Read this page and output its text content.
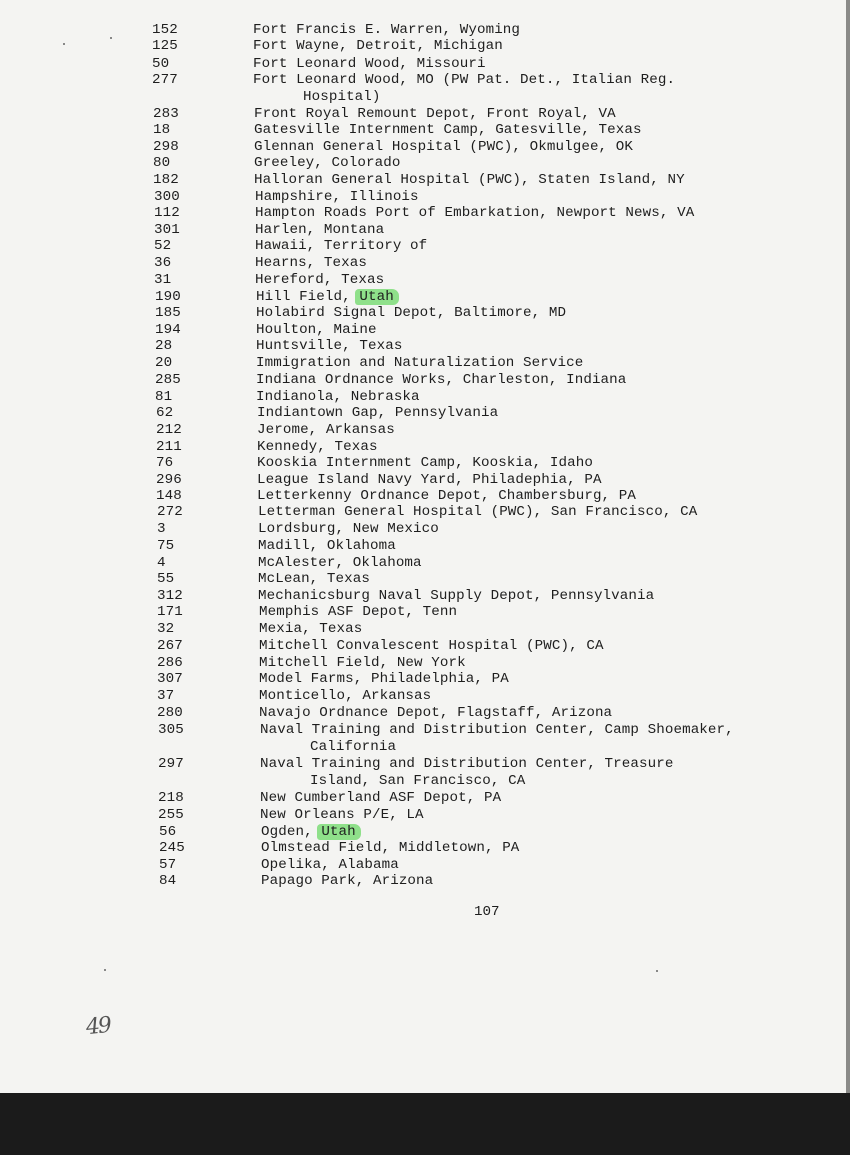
152	Fort Francis E. Warren, Wyoming
125	Fort Wayne, Detroit, Michigan
50	Fort Leonard Wood, Missouri
277	Fort Leonard Wood, MO (PW Pat. Det., Italian Reg.
Hospital)
283	Front Royal Remount Depot, Front Royal, VA
18	Gatesville Internment Camp, Gatesville, Texas
298	Glennan General Hospital (PWC), Okmulgee, OK
80	Greeley, Colorado
182	Halloran General Hospital (PWC), Staten Island, NY
300	Hampshire, Illinois
112	Hampton Roads Port of Embarkation, Newport News, VA
301	Harlen, Montana
52	Hawaii, Territory of
36	Hearns, Texas
31	Hereford, Texas
190	Hill Field, Utah
185	Holabird Signal Depot, Baltimore, MD
194	Houlton, Maine
28	Huntsville, Texas
20	Immigration and Naturalization Service
285	Indiana Ordnance Works, Charleston, Indiana
81	Indianola, Nebraska
62	Indiantown Gap, Pennsylvania
212	Jerome, Arkansas
211	Kennedy, Texas
76	Kooskia Internment Camp, Kooskia, Idaho
296	League Island Navy Yard, Philadephia, PA
148	Letterkenny Ordnance Depot, Chambersburg, PA
272	Letterman General Hospital (PWC), San Francisco, CA
3	Lordsburg, New Mexico
75	Madill, Oklahoma
4	McAlester, Oklahoma
55	McLean, Texas
312	Mechanicsburg Naval Supply Depot, Pennsylvania
171	Memphis ASF Depot, Tenn
32	Mexia, Texas
267	Mitchell Convalescent Hospital (PWC), CA
286	Mitchell Field, New York
307	Model Farms, Philadelphia, PA
37	Monticello, Arkansas
280	Navajo Ordnance Depot, Flagstaff, Arizona
305	Naval Training and Distribution Center, Camp Shoemaker,
California
297	Naval Training and Distribution Center, Treasure
Island, San Francisco, CA
218	New Cumberland ASF Depot, PA
255	New Orleans P/E, LA
56	Ogden, Utah
245	Olmstead Field, Middletown, PA
57	Opelika, Alabama
84	Papago Park, Arizona
107
49
